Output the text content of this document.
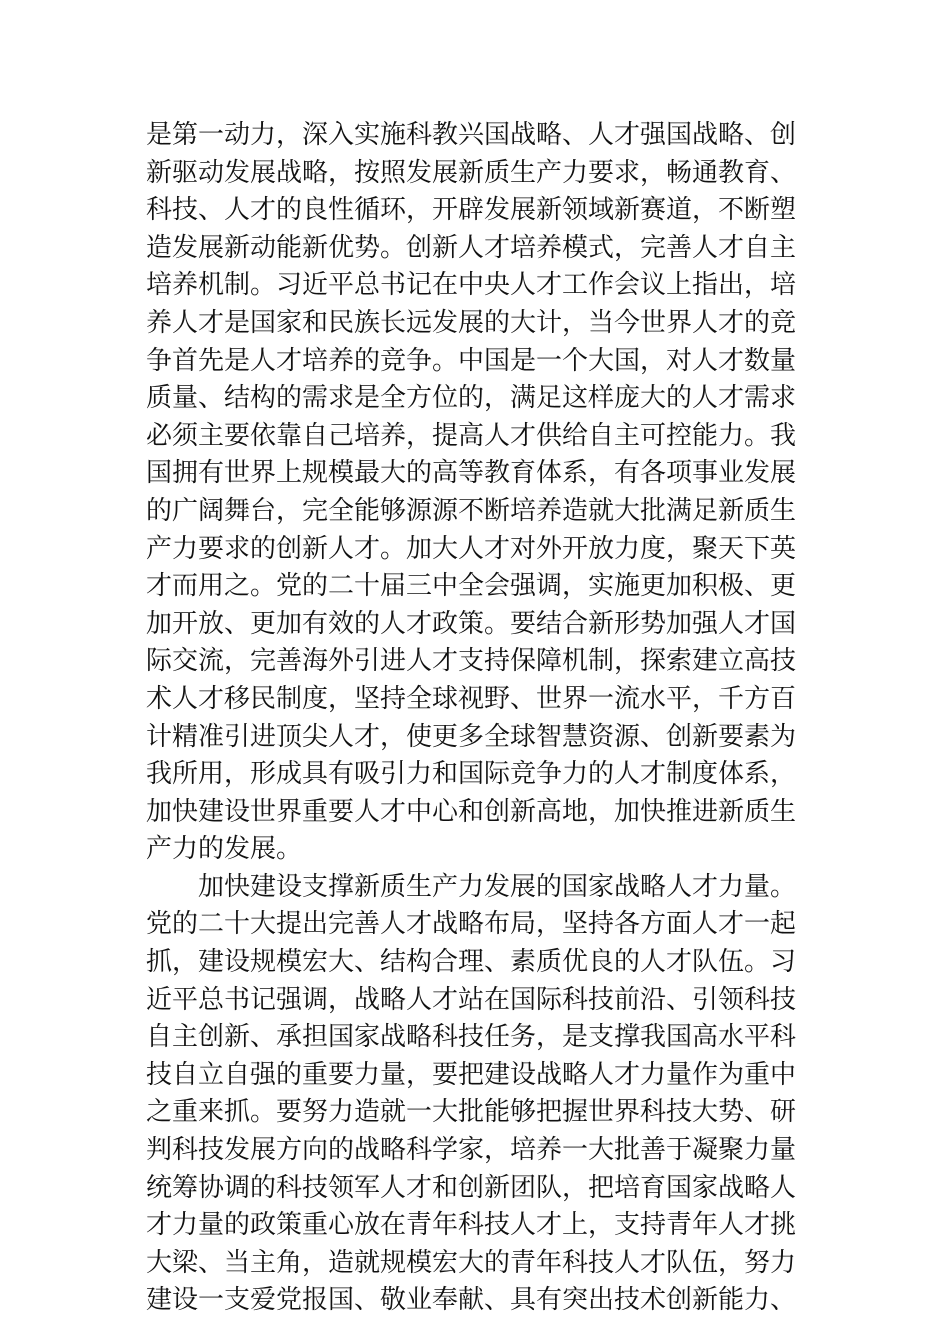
是第一动力，深入实施科教兴国战略、人才强国战略、创
新驱动发展战略，按照发展新质生产力要求，畅通教育、
科技、人才的良性循环，开辟发展新领域新赛道，不断塑
造发展新动能新优势。创新人才培养模式，完善人才自主
培养机制。习近平总书记在中央人才工作会议上指出，培
养人才是国家和民族长远发展的大计，当今世界人才的竞
争首先是人才培养的竞争。中国是一个大国，对人才数量
质量、结构的需求是全方位的，满足这样庞大的人才需求
必须主要依靠自己培养，提高人才供给自主可控能力。我
国拥有世界上规模最大的高等教育体系，有各项事业发展
的广阔舞台，完全能够源源不断培养造就大批满足新质生
产力要求的创新人才。加大人才对外开放力度，聚天下英
才而用之。党的二十届三中全会强调，实施更加积极、更
加开放、更加有效的人才政策。要结合新形势加强人才国
际交流，完善海外引进人才支持保障机制，探索建立高技
术人才移民制度，坚持全球视野、世界一流水平，千方百
计精准引进顶尖人才，使更多全球智慧资源、创新要素为
我所用，形成具有吸引力和国际竞争力的人才制度体系，
加快建设世界重要人才中心和创新高地，加快推进新质生
产力的发展。
加快建设支撑新质生产力发展的国家战略人才力量。
党的二十大提出完善人才战略布局，坚持各方面人才一起
抓，建设规模宏大、结构合理、素质优良的人才队伍。习
近平总书记强调，战略人才站在国际科技前沿、引领科技
自主创新、承担国家战略科技任务，是支撑我国高水平科
技自立自强的重要力量，要把建设战略人才力量作为重中
之重来抓。要努力造就一大批能够把握世界科技大势、研
判科技发展方向的战略科学家，培养一大批善于凝聚力量
统筹协调的科技领军人才和创新团队，把培育国家战略人
才力量的政策重心放在青年科技人才上，支持青年人才挑
大梁、当主角，造就规模宏大的青年科技人才队伍，努力
建设一支爱党报国、敬业奉献、具有突出技术创新能力、
